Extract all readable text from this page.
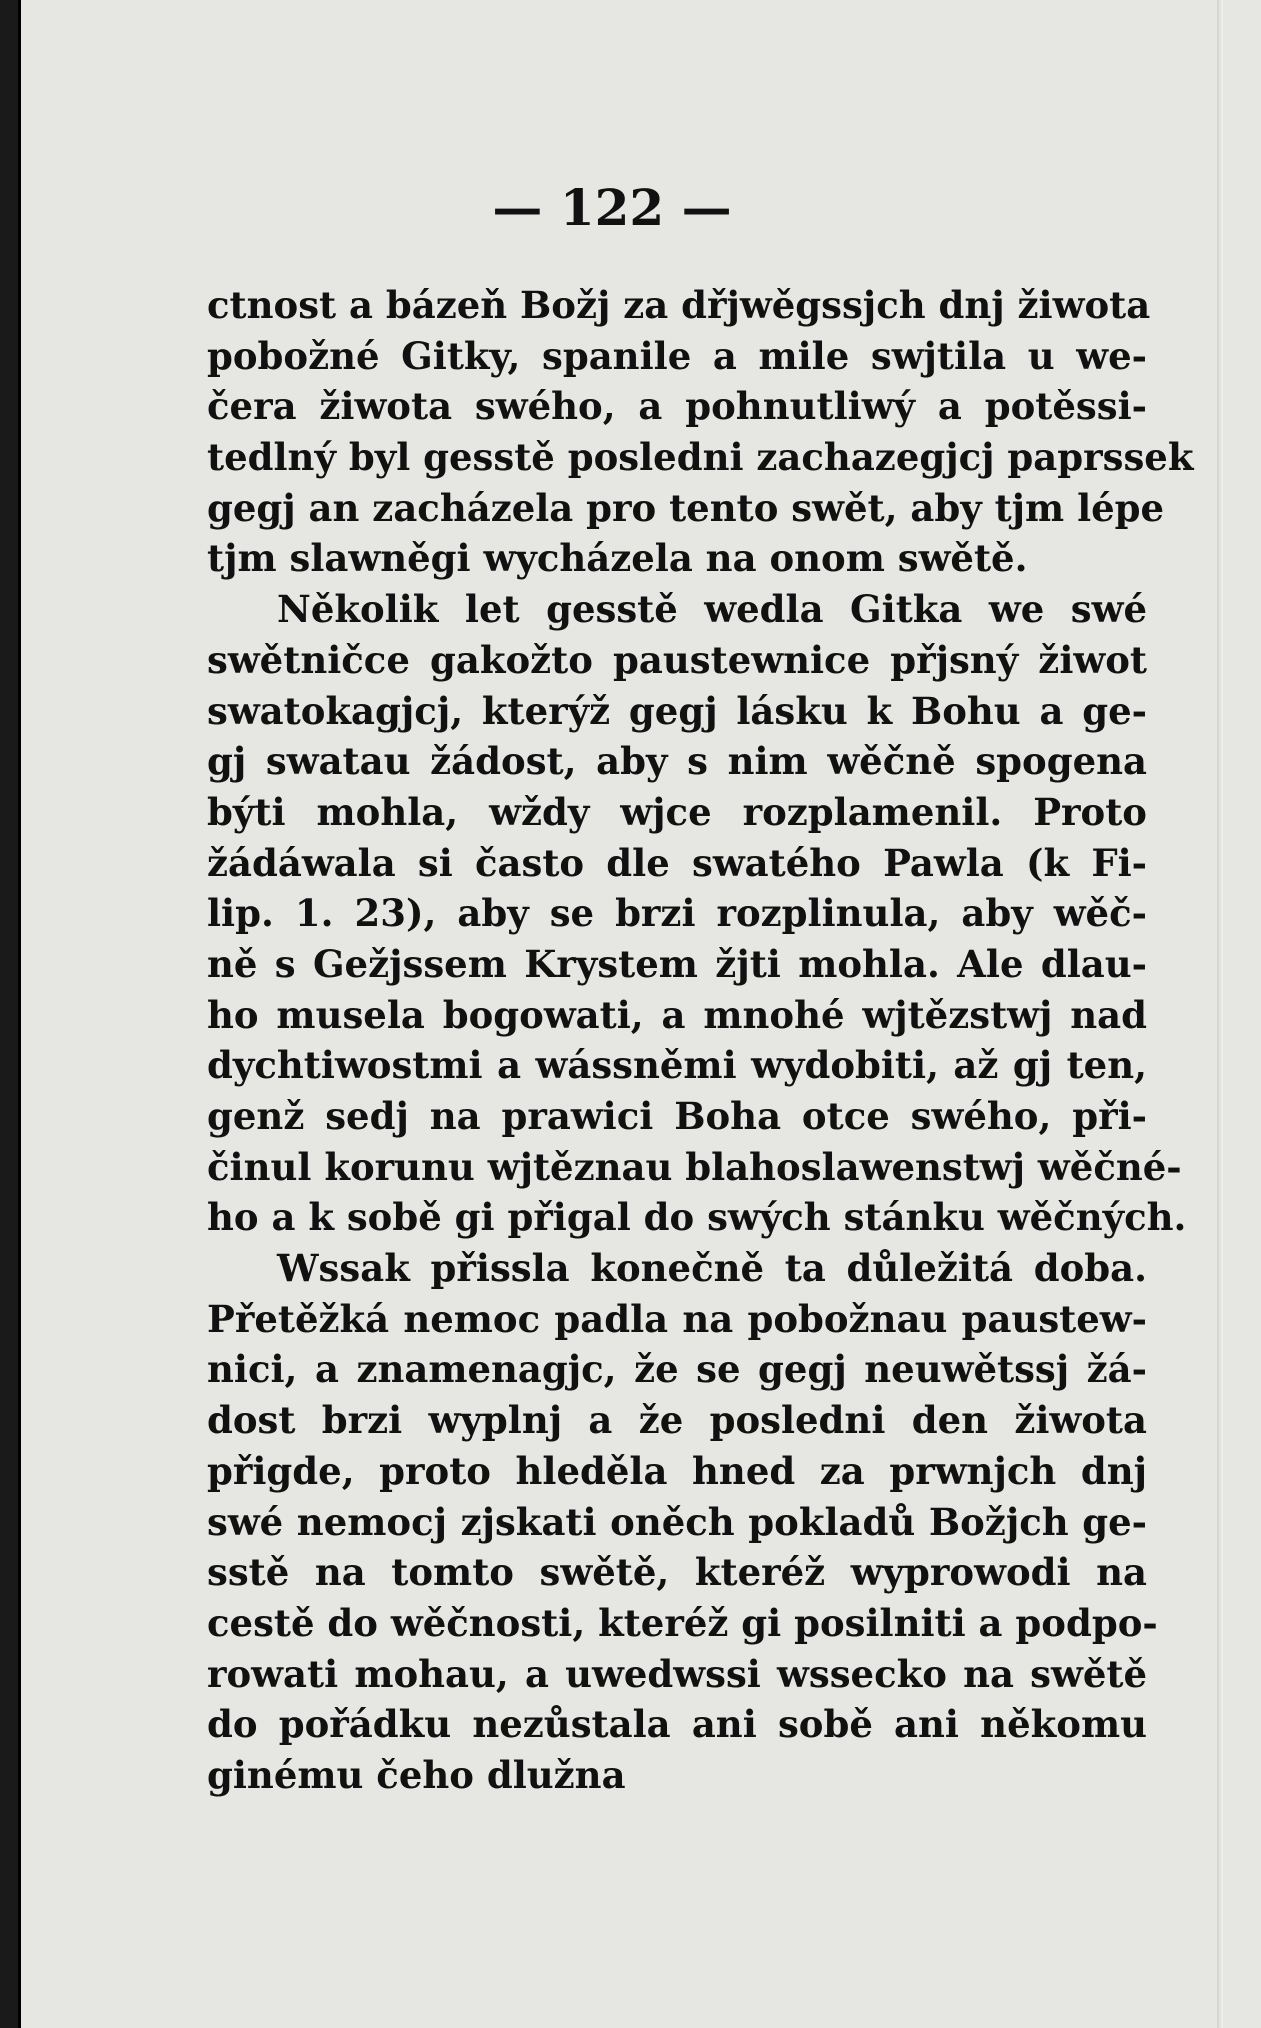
— 122 —
ctnost a bázeň Božj za dřjwěgssjch dnj žiwota
pobožné Gitky, spanile a mile swjtila u we-
čera žiwota swého, a pohnutliwý a potěssi-
tedlný byl gesstě posledni zachazegjcj paprssek
gegj an zacházela pro tento swět, aby tjm lépe
tjm slawněgi wycházela na onom swětě.
Několik let gesstě wedla Gitka we swé
swětničce gakožto paustewnice přjsný žiwot
swatokagjcj, kterýž gegj lásku k Bohu a ge-
gj swatau žádost, aby s nim wěčně spogena
býti mohla, wždy wjce rozplamenil. Proto
žádáwala si často dle swatého Pawla (k Fi-
lip. 1. 23), aby se brzi rozplinula, aby wěč-
ně s Gežjssem Krystem žjti mohla. Ale dlau-
ho musela bogowati, a mnohé wjtězstwj nad
dychtiwostmi a wássněmi wydobiti, až gj ten,
genž sedj na prawici Boha otce swého, při-
činul korunu wjtěznau blahoslawenstwj wěčné-
ho a k sobě gi přigal do swých stánku wěčných.
Wssak přissla konečně ta důležitá doba.
Přetěžká nemoc padla na pobožnau paustew-
nici, a znamenagjc, že se gegj neuwětssj žá-
dost brzi wyplnj a že posledni den žiwota
přigde, proto hleděla hned za prwnjch dnj
swé nemocj zjskati oněch pokladů Božjch ge-
sstě na tomto swětě, kteréž wyprowodi na
cestě do wěčnosti, kteréž gi posilniti a podpo-
rowati mohau, a uwedwssi wssecko na swětě
do pořádku nezůstala ani sobě ani někomu
ginému čeho dlužna
